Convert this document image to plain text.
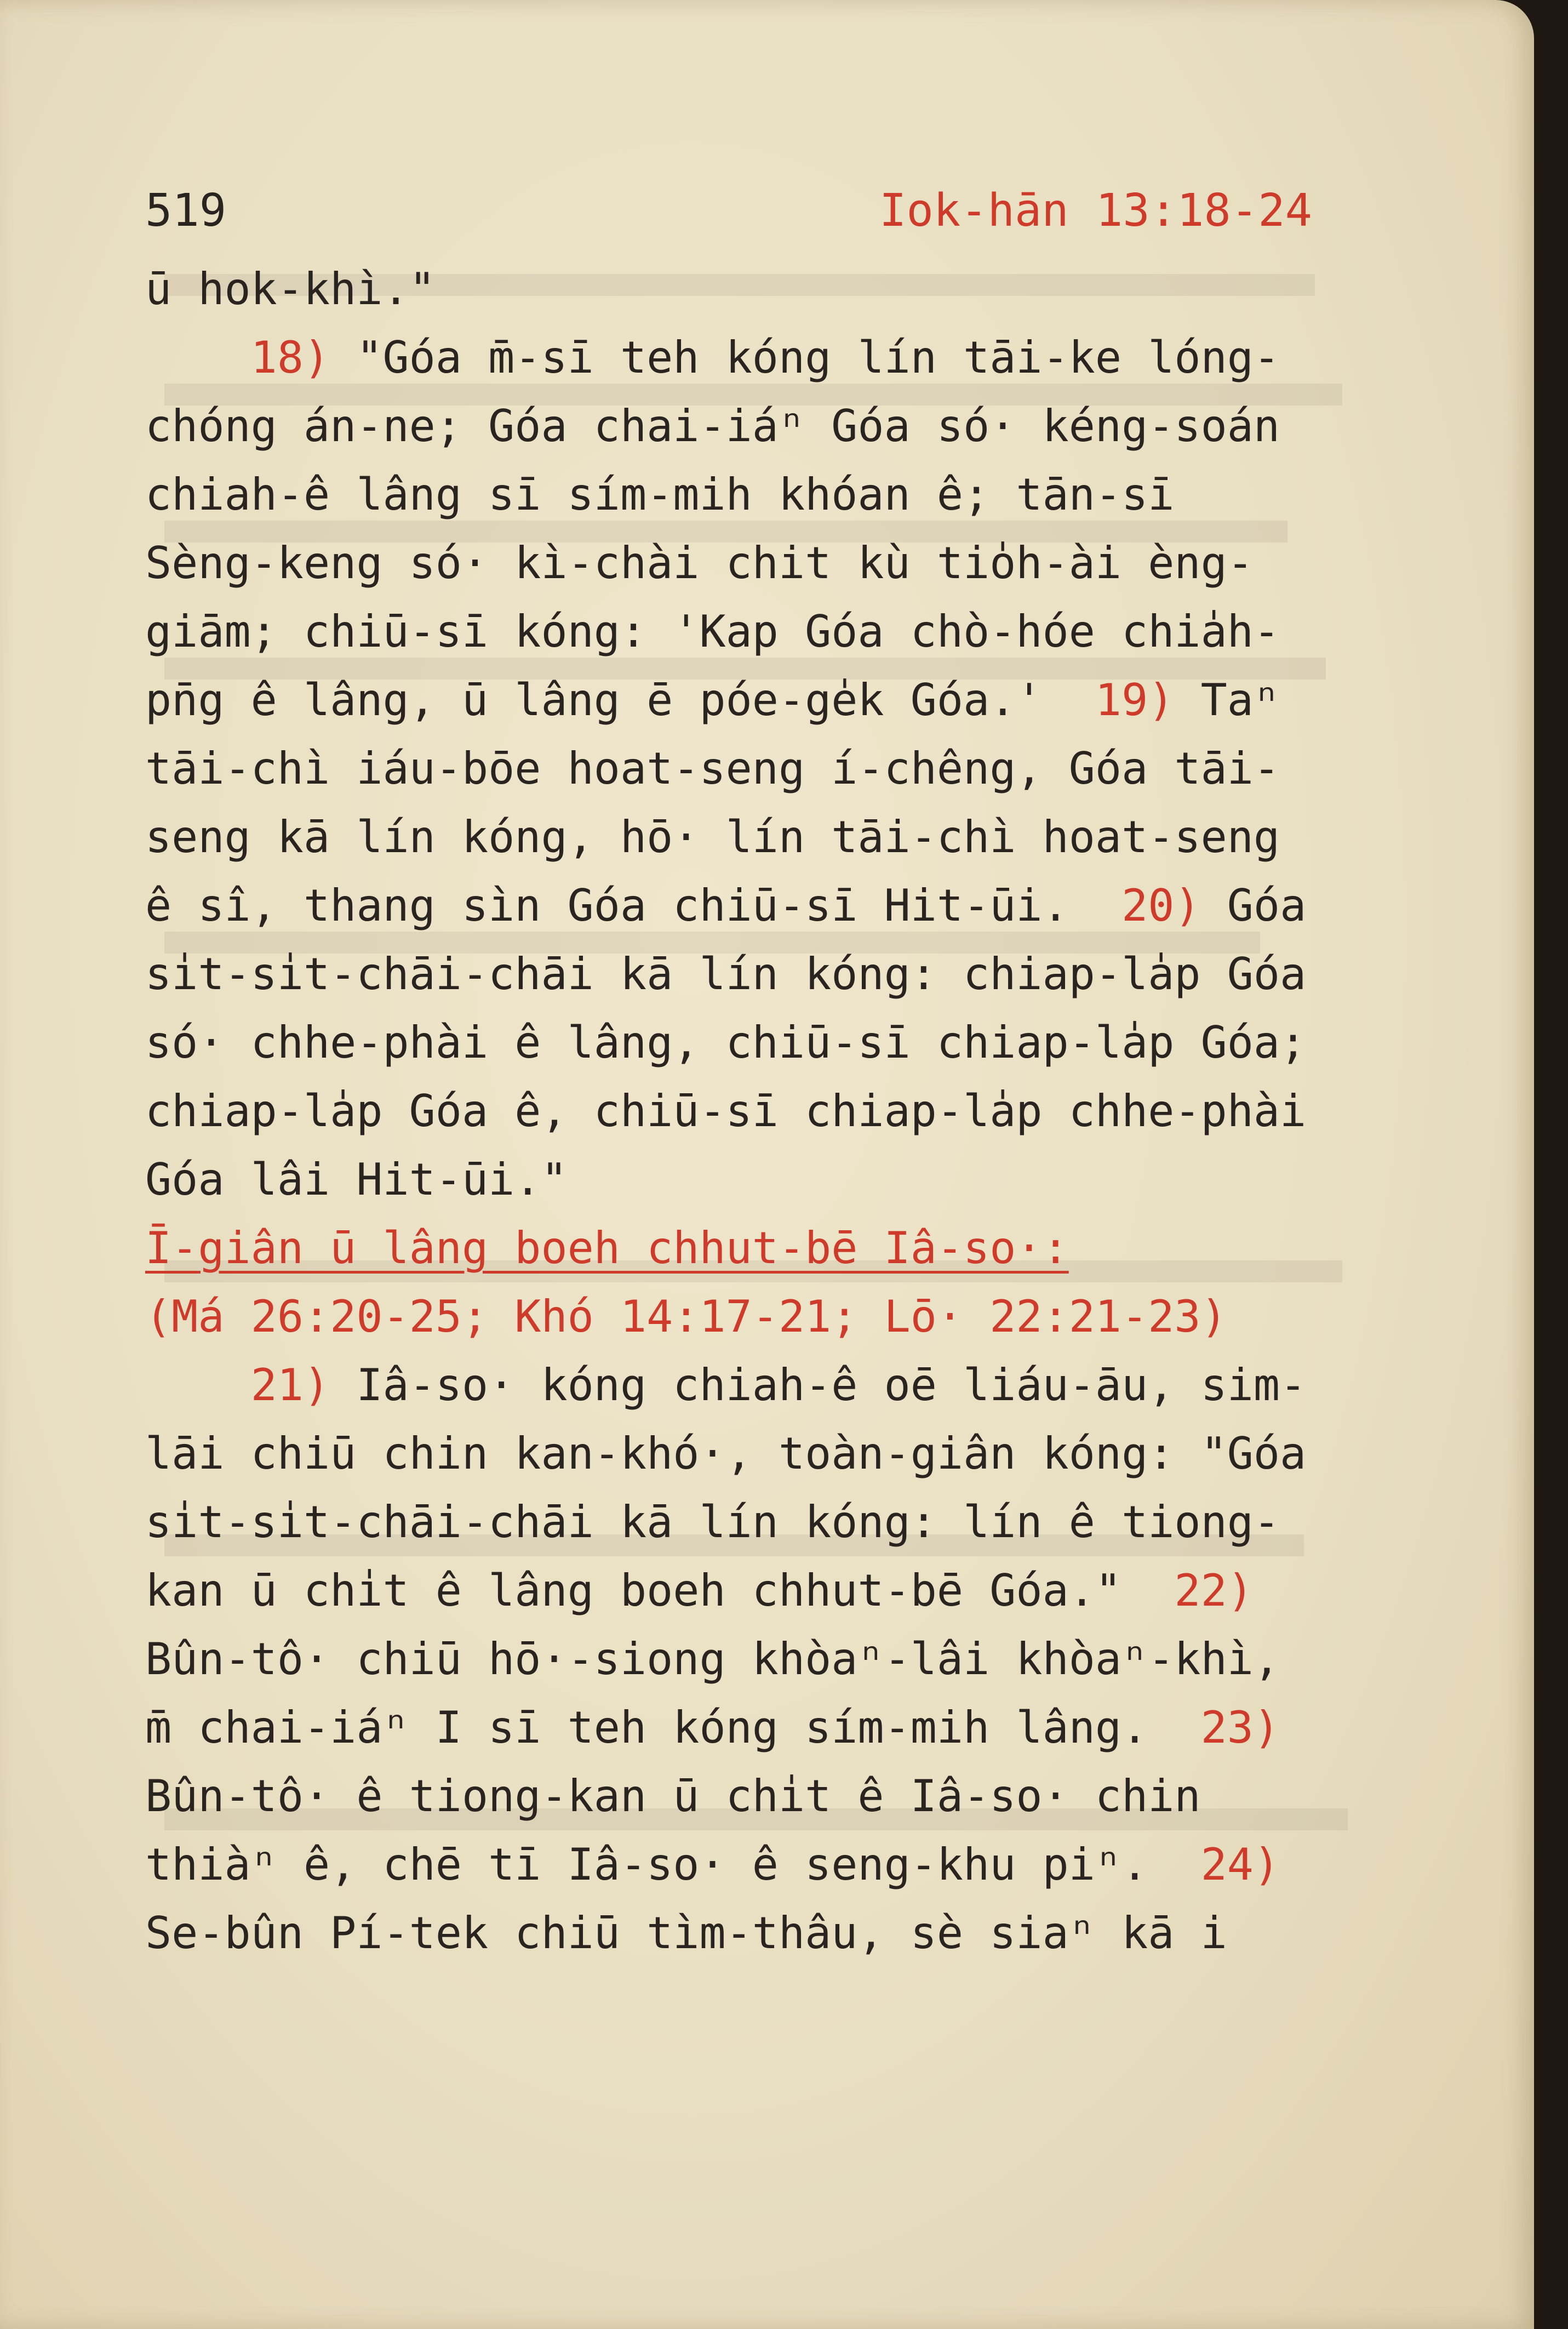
519	Iok-hān 13:18-24
ū hok-khì."
18) "Góa m̄-sī teh kóng lín tāi-ke lóng-
chóng án-ne; Góa chai-iáⁿ Góa só· kéng-soán
chiah-ê lâng sī sím-mih khóan ê; tān-sī
Sèng-keng só· kì-chài chit kù tio̍h-ài èng-
giām; chiū-sī kóng: 'Kap Góa chò-hóe chia̍h-
pn̄g ê lâng, ū lâng ē póe-ge̍k Góa.'  19) Taⁿ
tāi-chì iáu-bōe hoat-seng í-chêng, Góa tāi-
seng kā lín kóng, hō· lín tāi-chì hoat-seng
ê sî, thang sìn Góa chiū-sī Hit-ūi.  20) Góa
si̍t-si̍t-chāi-chāi kā lín kóng: chiap-la̍p Góa
só· chhe-phài ê lâng, chiū-sī chiap-la̍p Góa;
chiap-la̍p Góa ê, chiū-sī chiap-la̍p chhe-phài
Góa lâi Hit-ūi."
Ī-giân ū lâng boeh chhut-bē Iâ-so·:
(Má 26:20-25; Khó 14:17-21; Lō· 22:21-23)
21) Iâ-so· kóng chiah-ê oē liáu-āu, sim-
lāi chiū chin kan-khó·, toàn-giân kóng: "Góa
si̍t-si̍t-chāi-chāi kā lín kóng: lín ê tiong-
kan ū chi̍t ê lâng boeh chhut-bē Góa."  22)
Bûn-tô· chiū hō·-siong khòaⁿ-lâi khòaⁿ-khì,
m̄ chai-iáⁿ I sī teh kóng sím-mih lâng.  23)
Bûn-tô· ê tiong-kan ū chi̍t ê Iâ-so· chin
thiàⁿ ê, chē tī Iâ-so· ê seng-khu piⁿ.  24)
Se-bûn Pí-tek chiū tìm-thâu, sè siaⁿ kā i
